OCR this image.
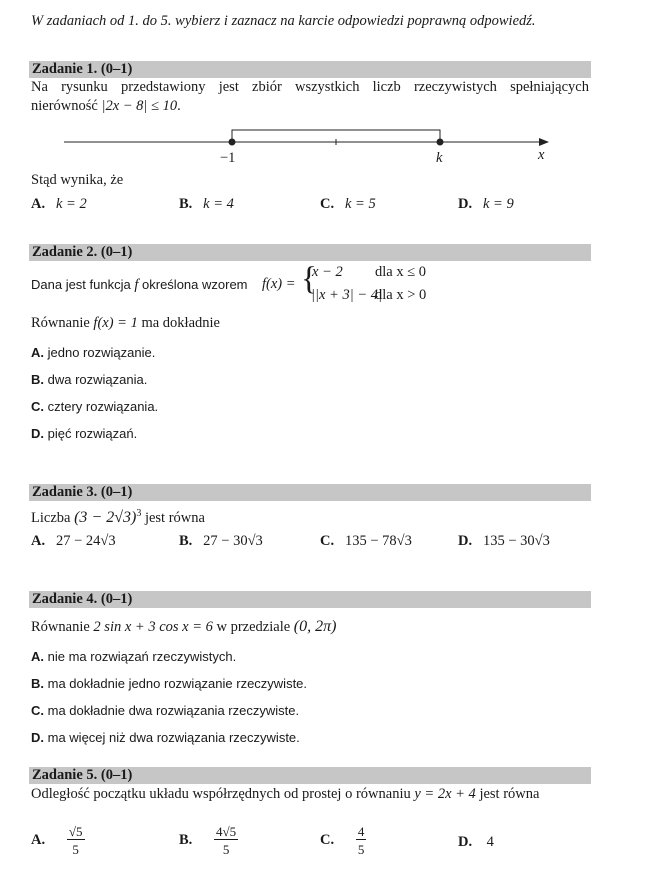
W zadaniach od 1. do 5. wybierz i zaznacz na karcie odpowiedzi poprawną odpowiedź.
Zadanie 1. (0–1)
Na rysunku przedstawiony jest zbiór wszystkich liczb rzeczywistych spełniających
nierówność |2x − 8| ≤ 10.
−1	k	x
Stąd wynika, że
A. k = 2	B. k = 4	C. k = 5	D. k = 9
Zadanie 2. (0–1)
Dana jest funkcja f określona wzorem f(x) = {
x − 2 dla x ≤ 0
||x + 3| − 4|
dla x > 0
Równanie f(x) = 1 ma dokładnie
A. jedno rozwiązanie.
B. dwa rozwiązania.
C. cztery rozwiązania.
D. pięć rozwiązań.
Zadanie 3. (0–1)
Liczba $(3 - 2√3)^3$ jest równa
A. 27 − 24√3	B. 27 − 30√3	C. 135 − 78√3	D. 135 − 30√3
Zadanie 4. (0–1)
Równanie 2 sin x + 3 cos x = 6 w przedziale (0, 2π)
A. nie ma rozwiązań rzeczywistych.
B. ma dokładnie jedno rozwiązanie rzeczywiste.
C. ma dokładnie dwa rozwiązania rzeczywiste.
D. ma więcej niż dwa rozwiązania rzeczywiste.
Zadanie 5. (0–1)
Odległość początku układu współrzędnych od prostej o równaniu y = 2x + 4 jest równa
A. $\frac{√5}{5}$	B. $\frac{4√5}{5}$	C. $\frac{4}{5}$	D. 4
